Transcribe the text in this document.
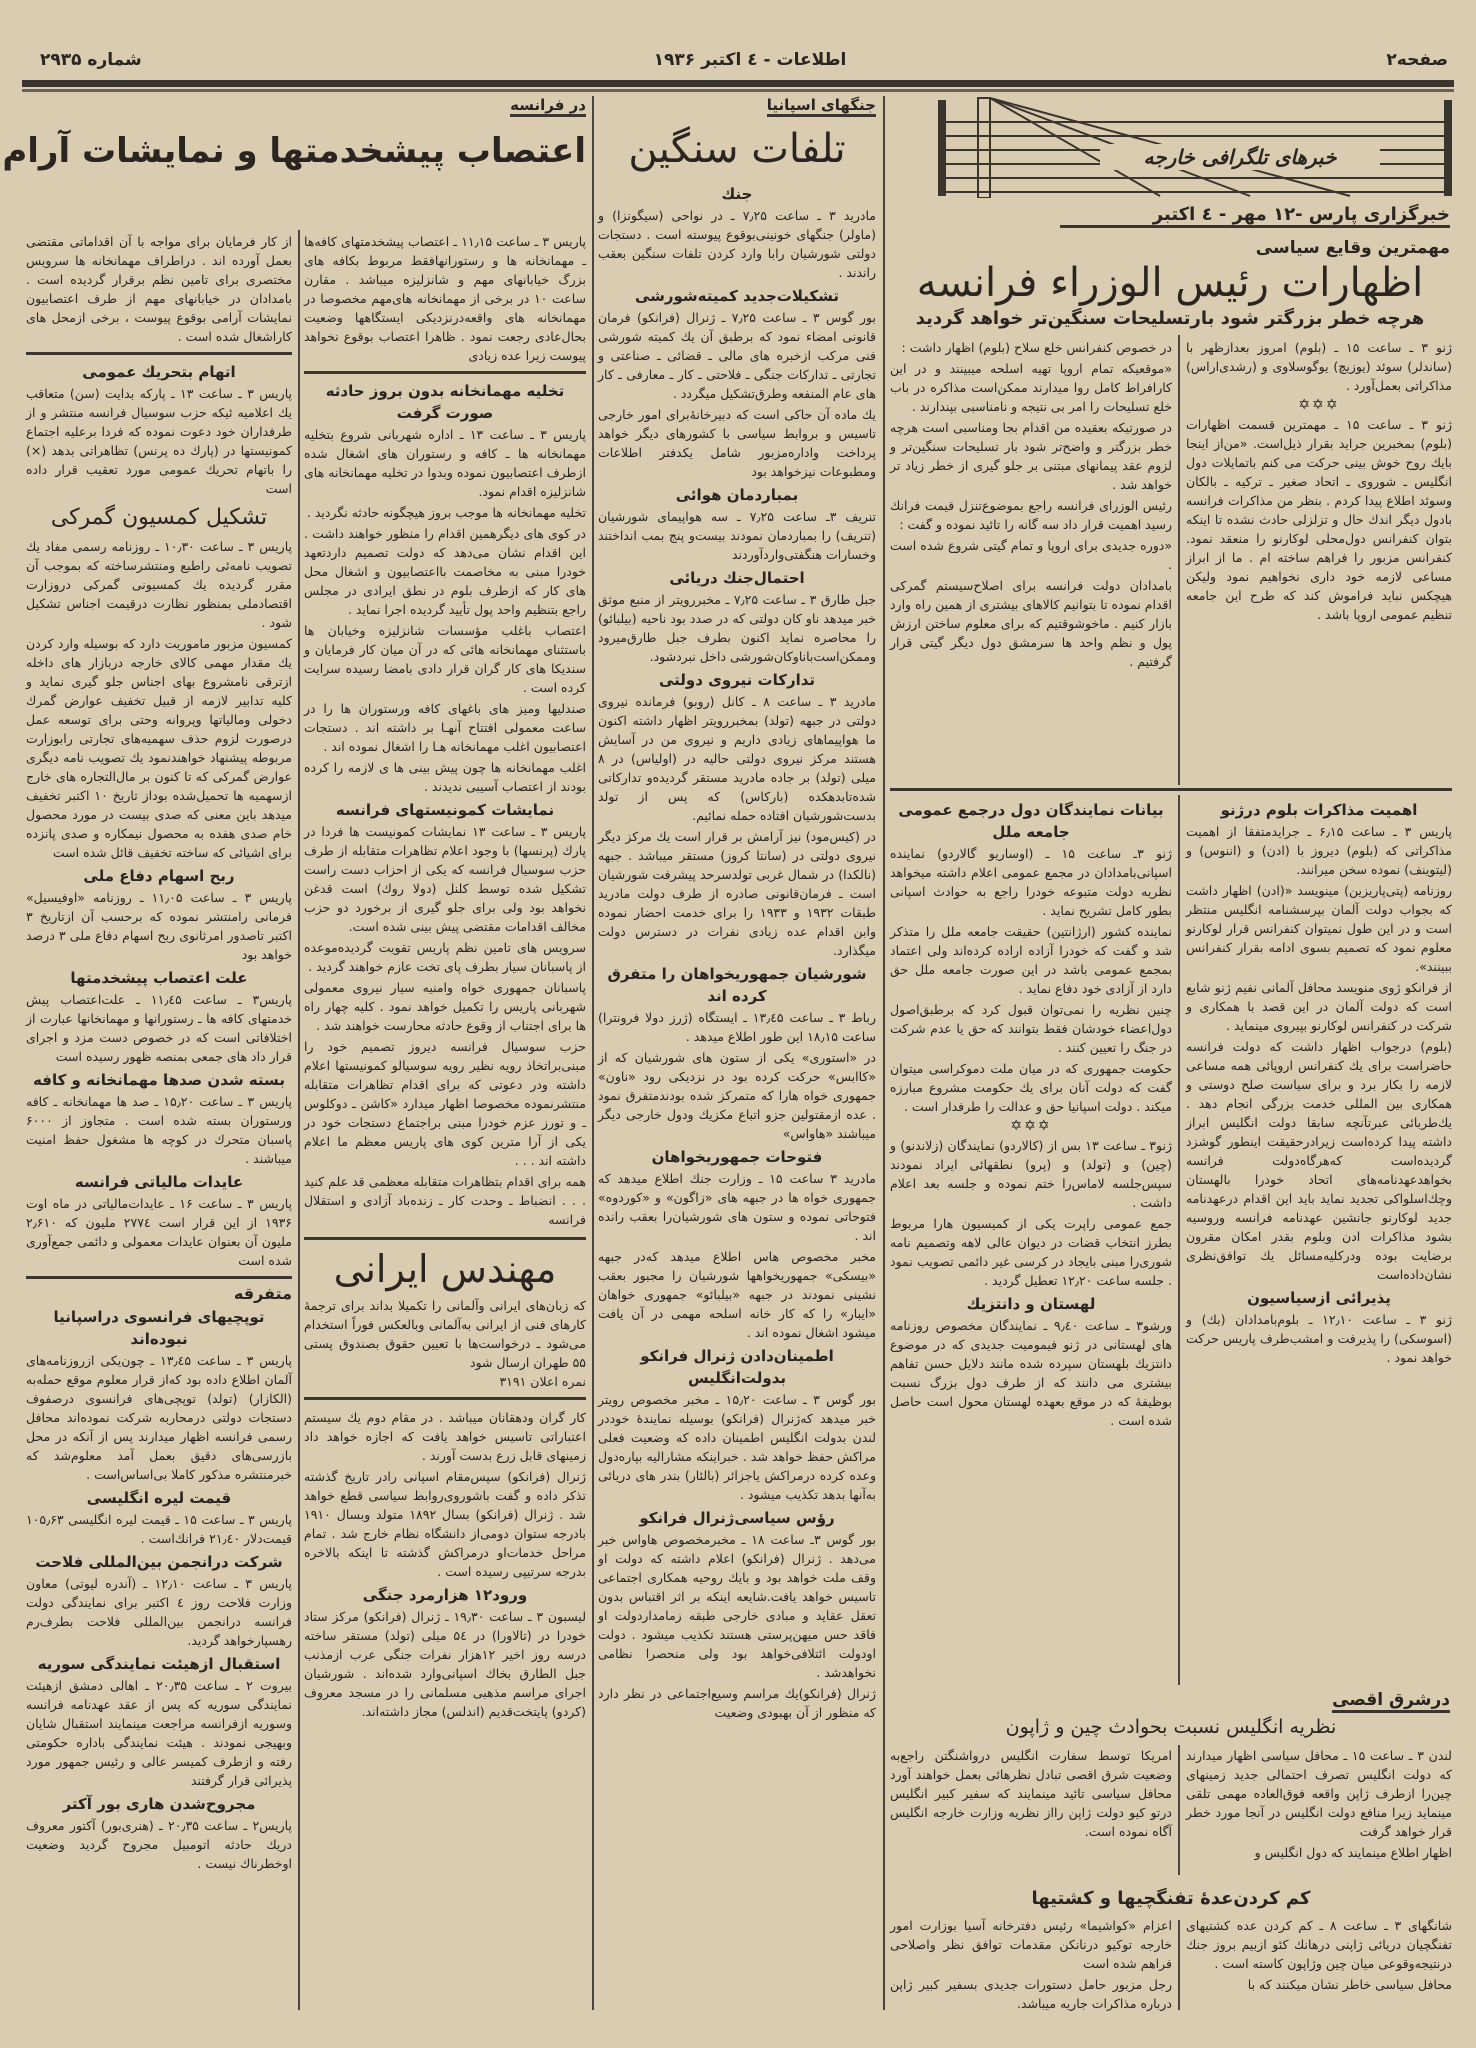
صفحه۲
اطلاعات - ٤ اکتبر ۱۹۳۶
شماره ۲۹۳۵
در فرانسه
اعتصاب پیشخدمتها و نمایشات آرام

از کار فرمایان برای مواجه با آن اقداماتی مقتضی بعمل آورده اند . دراطراف مهمانخانه ها سرویس مختصری برای تامین نظم برقرار گردیده است . بامدادان در خیابانهای مهم از طرف اعتصابیون نمایشات آرامی بوقوع پیوست ، برخی ازمحل های کاراشغال شده است .

اتهام بتحریك عمومی

پاریس ۳ ـ ساعت ۱۳ ـ پارکه بدایت (سن) متعاقب یك اعلامیه ئیکه حزب سوسیال فرانسه منتشر و از طرفداران خود دعوت نموده که فردا برعلیه اجتماع کمونیستها در (پارك ده پرنس) تظاهراتی بدهد (×) را باتهام تحریك عمومی مورد تعقیب قرار داده است

تشکیل کمسیون گمرکی

پاریس ۳ ـ ساعت ۱۰٫۳۰ ـ روزنامه رسمی مفاد یك تصویب نامه‌ئی راطبع ومنتشرساخته که بموجب آن مقرر گردیده یك کمسیونی گمرکی دروزارت اقتصادملی بمنظور نظارت درقیمت اجناس تشکیل شود .

کمسیون مزبور ماموریت دارد که بوسیله وارد کردن یك مقدار مهمی کالای خارجه دربازار های داخله ازترقی نامشروع بهای اجناس جلو گیری نماید و کلیه تدابیر لازمه از قبیل تخفیف عوارض گمرك دخولی ومالیاتها وپروانه وحتی برای توسعه عمل درصورت لزوم حذف سهمیه‌های تجارتی رابوزارت مربوطه پیشنهاد خواهندنمود یك تصویب نامه دیگری عوارض گمرکی که تا کنون بر مال‌التجاره های خارج ازسهمیه ها تحمیل‌شده بوداز تاریخ ۱۰ اکتبر تخفیف میدهد باین معنی که صدی بیست در مورد محصول خام صدی هفده به محصول نیمکاره و صدی پانزده برای اشیائی که ساخته تخفیف قائل شده است

ربح اسهام دفاع ملی

پاریس ۳ ـ ساعت ۱۱٫۰۵ ـ روزنامه «اوفیسیل» فرمانی رامنتشر نموده که برحسب آن ازتاریخ ۳ اکتبر تاصدور امرثانوی ربح اسهام دفاع ملی ۳ درصد خواهد بود

علت اعتصاب پیشخدمتها

پاریس۳ ـ ساعت ۱۱٫٤۵ ـ علت‌اعتصاب پیش خدمتهای کافه ها ـ رستورانها و مهمانخانها عبارت از اختلافاتی است که در خصوص دست مزد و اجرای قرار داد های جمعی بمنصه ظهور رسیده است

بسته شدن صدها مهمانخانه و کافه

پاریس ۳ ـ ساعت ۱۵٫۲۰ ـ صد ها مهمانخانه ـ کافه ورستوران بسته شده است . متجاوز از ۶۰۰۰ پاسبان متحرك در کوچه ها مشغول حفظ امنیت میباشند .

عایدات مالیاتی فرانسه

پاریس ۳ ـ ساعت ۱۶ ـ عایدات‌مالیاتی در ماه اوت ۱۹۳۶ از این قرار است ۲۷۷٤ ملیون که ۲٫۶۱۰ ملیون آن بعنوان عایدات معمولی و دائمی جمع‌آوری شده است

متفرقه
توپچیهای فرانسوی دراسپانیا نبوده‌اند

پاریس ۳ ـ ساعت ۱۳٫٤۵ ـ چون‌یکی ازروزنامه‌های آلمان اطلاع داده بود که‌از قرار معلوم موقع حمله‌به (الکازار) (تولد) توپچی‌های فرانسوی درصفوف دستجات دولتی درمحاربه شرکت نموده‌اند محافل رسمی فرانسه اظهار میدارند پس از آنکه در محل بازرسی‌های دقیق بعمل آمد معلوم‌شد که خبرمنتشره مذکور کاملا بی‌اساس‌است .

قیمت لیره انگلیسی

پاریس ۳ ـ ساعت ۱۵ ـ قیمت لیره انگلیسی ۱۰۵٫۶۳ قیمت‌دلار ۲۱٫٤۰ فرانك‌است .

شرکت درانجمن بین‌المللی فلاحت

پاریس ۳ ـ ساعت ۱۲٫۱۰ ـ (آندره لیوتی) معاون وزارت فلاحت روز ٤ اکتبر برای نمایندگی دولت فرانسه درانجمن بین‌المللی فلاحت بطرف‌رم رهسپارخواهد گردید.

استقبال ازهیئت نمایندگی سوریه

بیروت ۲ ـ ساعت ۲۰٫۳۵ ـ اهالی دمشق ازهیئت نمایندگی سوریه که پس از عقد عهدنامه فرانسه وسوریه ازفرانسه مراجعت مینمایند استقبال شایان وبهیجی نمودند . هیئت نمایندگی باداره حکومتی رفته و ازطرف کمیسر عالی و رئیس جمهور مورد پذیرائی قرار گرفتند

مجروح‌شدن هاری بور آکتر

پاریس۲ ـ ساعت ۲۰٫۳۵ ـ (هنری‌بور) آکتور معروف دریك حادثه اتومبیل مجروح گردید وضعیت اوخطرناك نیست .

پاریس ۳ ـ ساعت ۱۱٫۱۵ ـ اعتصاب پیشخدمتهای کافه‌ها ـ مهمانخانه ها و رستورانهافقط مربوط بکافه های بزرگ خیابانهای مهم و شانزلیزه میباشد . مقارن ساعت ۱۰ در برخی از مهمانخانه های‌مهم مخصوصا در مهمانخانه های واقعه‌درنزدیکی ایستگاهها وضعیت بحال‌عادی رجعت نمود . ظاهرا اعتصاب بوقوع نخواهد پیوست زیرا عده زیادی

تخلیه مهمانخانه بدون بروز حادثه صورت گرفت

پاریس ۳ ـ ساعت ۱۳ ـ اداره شهربانی شروع بتخلیه مهمانخانه ها ـ کافه و رستوران های اشغال شده ازطرف اعتصابیون نموده وبدوا در تخلیه مهمانخانه های شانزلیزه اقدام نمود.

تخلیه مهمانخانه ها موجب بروز هیچگونه حادثه نگردید .

در کوی های دیگرهمین اقدام را منظور خواهند داشت . این اقدام نشان می‌دهد که دولت تصمیم داردتعهد خودرا مبنی به مخاصمت بااعتصابیون و اشغال محل های کار که ازطرف بلوم در نطق ایرادی در مجلس راجع بتنظیم واحد پول تأیید گردیده اجرا نماید .

اعتصاب باغلب مؤسسات شانزلیزه وخیابان ها باستثنای مهمانخانه هائی که در آن میان کار فرمایان و سندیکا های کار گران قرار دادی بامضا رسیده سرایت کرده است .

صندلیها ومیز های باغهای کافه ورستوران ها را در ساعت معمولی افتتاح آنهـا بر داشته اند . دستجات اعتصابیون اغلب مهمانخانه هـا را اشغال نموده اند .

اغلب مهمانخانه ها چون پیش بینی ها ی لازمه را کرده بودند از اعتصاب آسیبی ندیدند .

نمایشات کمونیستهای فرانسه

پاریس ۳ ـ ساعت ۱۳ نمایشات کمونیست ها فردا در پارك (پرنسها) با وجود اعلام تظاهرات متقابله از طرف حزب سوسیال فرانسه که یکی از احزاب دست راست تشکیل شده توسط کلنل (دولا روك) است قدغن نخواهد بود ولی برای جلو گیری از برخورد دو حزب مخالف اقدامات مقتضی پیش بینی شده است.

سرویس های تامین نظم پاریس تقویت گردیده‌موعده از پاسبانان سیار بطرف پای تخت عازم خواهند گردید .

پاسبانان جمهوری خواه وامنیه سیار نیروی معمولی شهربانی پاریس را تکمیل خواهد نمود . کلیه چهار راه ها برای اجتناب از وقوع حادثه محارست خواهند شد .

حزب سوسیال فرانسه دیروز تصمیم خود را مبنی‌براتخاذ رویه نظیر رویه سوسیالو کمونیستها اعلام داشته ودر دعوتی که برای اقدام تظاهرات متقابله منتشرنموده مخصوصا اظهار میدارد «کاشن ـ دوکلوس ـ و تورز عزم خودرا مبنی براجتماع دستجات خود در یکی از آرا مترین کوی های پاریس معظم ما اعلام داشته اند . . .

همه برای اقدام بتظاهرات متقابله معظمی قد علم کنید . . . انضباط ـ وحدت کار ـ زنده‌باد آزادی و استقلال فرانسه

مهندس ایرانی
که زبان‌های ایرانی وآلمانی را تکمیلا بداند برای ترجمهٔ کارهای فنی از ایرانی به‌آلمانی وبالعکس فوراً استخدام می‌شود ـ درخواست‌ها با تعیین حقوق بصندوق پستی ۵۵ طهران ارسال شود
نمره اعلان ۳۱۹۱

کار گران ودهقانان میباشد . در مقام دوم یك سیستم اعتباراتی تاسیس خواهد یافت که اجازه خواهد داد زمینهای قابل زرع بدست آورند .

ژنرال (فرانکو) سپس‌مقام اسپانی رادر تاریخ گذشته تذکر داده و گفت باشوروی‌روابط سیاسی قطع خواهد شد . ژنرال (فرانکو) بسال ۱۸۹۲ متولد وبسال ۱۹۱۰ بادرجه ستوان دومی‌از دانشگاه نظام خارج شد . تمام مراحل خدمات‌او درمراکش گذشته تا اینکه بالاخره بدرجه سرتیپی رسیده است .

ورود۱۲ هزارمرد جنگی

لیسبون ۳ ـ ساعت ۱۹٫۳۰ ـ ژنرال (فرانکو) مرکز ستاد خودرا در (تالاورا) در ۵٤ میلی (تولد) مستقر ساخته درسه روز اخیر ۱۲هزار نفرات جنگی عرب ازمذنب جبل الطارق بخاك اسپانی‌وارد شده‌اند . شورشیان اجرای مراسم مذهبی مسلمانی را در مسجد معروف (کردو) پایتخت‌قدیم (اندلس) مجاز داشته‌اند.

جنگهای اسپانیا
تلفات سنگین
جنك

مادرید ۳ ـ ساعت ۷٫۲۵ ـ در نواحی (سیگونزا) و (ماولر) جنگهای خونینی‌بوقوع پیوسته است . دستجات دولتی شورشیان رابا وارد کردن تلفات سنگین بعقب راندند .

تشکیلات‌جدید کمیته‌شورشی

بور گوس ۳ ـ ساعت ۷٫۲۵ ـ ژنرال (فرانکو) فرمان قانونی امضاء نمود که برطبق آن یك کمیته شورشی فنی مرکب ازخبره های مالی ـ قضائی ـ صناعتی و تجارتی ـ تدارکات جنگی ـ فلاحتی ـ کار ـ معارفی ـ کار های عام المنفعه وطرق‌تشکیل میگردد .

یك ماده آن حاکی است که دبیرخانهٔ‌برای امور خارجی تاسیس و بروابط سیاسی با کشورهای دیگر خواهد پرداخت واداره‌مزبور شامل یکدفتر اطلاعات ومطبوعات نیزخواهد بود

بمباردمان هوائی

تنریف ۳ـ ساعت ۷٫۲۵ ـ سه هواپیمای شورشیان (تنریف) را بمباردمان نمودند بیست‌و پنج بمب انداختند وخسارات هنگفتی‌وارد‌آوردند

احتمال‌جنك دریائی

جبل طارق ۳ ـ ساعت ۷٫۲۵ ـ مخبررویتر از منبع موثق خبر میدهد ناو کان دولتی که در صدد بود ناحیه (بیلبائو) را محاصره نماید اکنون بطرف جبل طارق‌میرود وممکن‌است‌باناو‌کان‌شورشی داخل نبردشود.

تدارکات نیروی دولتی

مادرید ۳ ـ ساعت ۸ ـ کانل (روبو) فرمانده نیروی دولتی در جبهه (تولد) بمخبررویتر اظهار داشته اکنون ما هواپیماهای زیادی داریم و نیروی من در آسایش هستند مرکز نیروی دولتی حالیه در (اولیاس) در ۸ میلی (تولد) بر جاده مادرید مستقر گردیده‌و تدارکاتی شده‌تابدهکده (بارکاس) که پس از تولد بدست‌شورشیان افتاده حمله نمائیم.

در (کیس‌مود) نیز آرامش بر قرار است یك مرکز دیگر نیروی دولتی در (سانتا کروز) مستقر میباشد . جبهه (نالکدا) در شمال غربی تولدسرحد پیشرفت شورشیان است ـ فرمان‌قانونی صادره از طرف دولت مادرید طبقات ۱۹۳۲ و ۱۹۳۳ را برای خدمت احضار نموده وابن اقدام عده زیادی نفرات در دسترس دولت میگذارد.

شورشیان جمهوریخواهان را متفرق کرده اند

رباط ۳ ـ ساعت ۱۳٫٤۵ ـ ایستگاه (ژرز دولا فرونترا) ساعت ۱۸٫۱۵ این طور اطلاع میدهد .

در «استوری» یکی از ستون های شورشیان که از «کاابس» حرکت کرده بود در نزدیکی رود «ناون» جمهوری خواه هارا که متمرکز شده بودند‌متفرق نمود . عده ازمقتولین جزو اتباع مکزیك ودول خارجی دیگر میباشند «هاواس»

فتوحات جمهوریخواهان

مادرید ۳ ساعت ۱۵ ـ وزارت جنك اطلاع میدهد که جمهوری خواه ها در جبهه های «زاگون» و «کوردوه» فتوحاتی نموده و ستون های شورشیان‌را بعقب رانده اند .

مخبر مخصوص هاس اطلاع میدهد که‌در جبهه «بیسکی» جمهوریخواهها شورشیان را مجبور بعقب نشینی نمودند در جبهه «بیلبائو» جمهوری خواهان «ایبار» را که کار خانه اسلحه مهمی در آن یافت میشود اشغال نموده اند .

اطمینان‌دادن ژنرال فرانکو بدولت‌انگلیس

بور گوس ۳ ـ ساعت ۱۵٫۲۰ ـ مخبر مخصوص رویتر خبر میدهد که‌ژنرال (فرانکو) بوسیله نمایندهٔ خوددر لندن بدولت انگلیس اطمینان داده که وضعیت فعلی مراکش حفظ خواهد شد . خبراینکه مشارالیه بپاره‌دول وعده کرده درمراکش یاجزائر (بالئار) بندر های دریائی به‌آنها بدهد تکذیب میشود .

رؤس سیاسی‌ژنرال فرانکو

بور گوس ۳ـ ساعت ۱۸ ـ مخبرمخصوص هاواس خبر می‌دهد . ژنرال (فرانکو) اعلام داشته که دولت او وقف ملت خواهد بود و بایك روحیه همکاری اجتماعی تاسیس خواهد یافت.شایعه اینکه بر اثر اقتباس بدون تعقل عقاید و مبادی خارجی طبقه زمامداردولت او فاقد حس میهن‌پرستی هستند تکذیب میشود . دولت اودولت ائتلافی‌خواهد بود ولی منحصرا نظامی نخواهدشد .

ژنرال (فرانکو)یك مراسم وسیع‌اجتماعی در نظر دارد که منظور از آن بهبودی وضعیت

خبرهای تلگرافی خارجه
خبرگزاری پارس -۱۲ مهر - ٤ اکتبر
مهمترین وقایع سیاسی
اظهارات رئیس الوزراء فرانسه
هرچه خطر بزرگتر شود بارتسلیحات سنگین‌تر خواهد گردید

ژنو ۳ ـ ساعت ۱۵ ـ (بلوم) امروز بعدازظهر با (ساندلر) سوئد (یوزیچ) یوگوسلاوی و (رشدی‌اراس) مذاکراتی بعمل‌آورد .

✡✡✡

ژنو ۳ ـ ساعت ۱۵ ـ مهمترین قسمت اظهارات (بلوم) بمخبرین جراید بقرار ذیل‌است. «من‌از اینجا بایك روح خوش بینی حرکت می کنم باتمایلات دول انگلیس ـ شوروی ـ اتحاد صغیر ـ ترکیه ـ بالکان وسوئد اطلاع پیدا کردم . بنظر من مذاکرات فرانسه بادول دیگر اندك حال و تزلزلی حادث نشده تا اینکه بتوان کنفرانس دول‌محلی لوکارنو را منعقد نمود. کنفرانس مزبور را فراهم ساخته ام . ما از ابراز مساعی لازمه خود داری نخواهیم نمود ولیکن هیچکس نباید فراموش کند که طرح این جامعه تنظیم عمومی اروپا باشد .

در خصوص کنفرانس خلع سلاح (بلوم) اظهار داشت :

«موقعیکه تمام اروپا تهیه اسلحه میبینند و در این کارافراط کامل روا میدارند ممکن‌است مذاکره در باب خلع تسلیحات را امر بی نتیجه و نامناسبی بپندارند .

در صورتیکه بعقیده من اقدام بجا ومناسبی است هرچه خطر بزرگتر و واضح‌تر شود بار تسلیحات سنگین‌تر و لزوم عقد پیمانهای مبتنی بر جلو گیری از خطر زیاد تر خواهد شد .

رئیس الوزرای فرانسه راجع بموضوع‌تنزل قیمت فرانك رسید اهمیت قرار داد سه گانه را تائید نموده و گفت :

«دوره جدیدی برای اروپا و تمام گیتی شروع شده است .

بامدادان دولت فرانسه برای اصلاح‌سیستم گمرکی اقدام نموده تا بتوانیم کالاهای بیشتری از همین راه وارد بازار کنیم . ماخوشوقتیم که برای معلوم ساختن ارزش پول و نظم واحد ها سرمشق دول دیگر گیتی قرار گرفتیم .

اهمیت مذاکرات بلوم درژنو

پاریس ۳ ـ ساعت ۶٫۱۵ ـ جرایدمتفقا از اهمیت مذاکراتی که (بلوم) دیروز با (ادن) و (اننوس) و (لیتوینف) نموده سخن میرانند.

روزنامه (پتی‌پاریزین) مینویسد «(ادن) اظهار داشت که بجواب دولت آلمان بپرسشنامه انگلیس منتظر است و در این طول نمیتوان کنفرانس قرار لوکارنو معلوم نمود که تصمیم بسوی ادامه بقرار کنفرانس ببینند».

از فرانکو ژوی منویسد محافل آلمانی نفیم ژنو شایع است که دولت آلمان در این قصد با همکاری و شرکت در کنفرانس لوکارنو بپیروی مینماید .

(بلوم) درجواب اظهار داشت که دولت فرانسه حاضراست برای یك کنفرانس اروپائی همه مساعی لازمه را بکار برد و برای سیاست صلح دوستی و همکاری بین المللی خدمت بزرگی انجام دهد . یك‌طربائی عبرتآنچه سابقا دولت انگلیس ابراز داشته پیدا کرده‌است زیرادرحقیقت اینطور گوشزد گردیده‌است که‌هرگاه‌دولت فرانسه بخواهدعهدنامه‌های اتحاد خودرا بالهستان وچك‌اسلواکی تجدید نماید باید این اقدام درعهدنامه جدید لوکارنو جانشین عهدنامه فرانسه وروسیه بشود مذاکرات ادن وبلوم بقدر امکان مقرون برضایت بوده ودرکلیه‌مسائل یك توافق‌نظری نشان‌داده‌است

پذیرائی ازسیاسیون

ژنو ۳ ـ ساعت ۱۲٫۱۰ ـ بلوم‌بامدادان (بك) و (اسوسکی) را پذیرفت و امشب‌طرف پاریس حرکت خواهد نمود .

بیانات نمایندگان دول درجمع عمومی جامعه ملل

ژنو ۳ـ ساعت ۱۵ ـ (اوساریو گالاردو) نماینده اسپانی‌بامدادان در مجمع عمومی اعلام داشته میخواهد نظریه دولت متبوعه خودرا راجع به حوادث اسپانی بطور کامل تشریح نماید .

نماینده کشور (ارژانتین) حقیقت جامعه ملل را متذکر شد و گفت که خودرا آزاده اراده کرده‌اند ولی اعتماد بمجمع عمومی باشد در این صورت جامعه ملل حق دارد از آزادی خود دفاع نماید .

چنین نظریه را نمی‌توان قبول کرد که برطبق‌اصول دول‌اعضاء خودشان فقط بتوانند که حق یا عدم شرکت در جنگ را تعیین کنند .

حکومت جمهوری که در میان ملت دموکراسی میتوان گفت که دولت آنان برای یك حکومت مشروع مبارزه میکند . دولت اسپانیا حق و عدالت را طرفدار است .

✡✡✡

ژنو۳ ـ ساعت ۱۳ بس از (کالاردو) نمایندگان (زلاندنو) و (چین) و (تولد) و (پرو) نطقهائی ایراد نمودند سپس‌جلسه لاماس‌را ختم نموده و جلسه بعد اعلام داشت .

جمع عمومی راپرت یکی از کمیسیون هارا مربوط بطرز انتخاب قضات در دیوان عالی لاهه وتصمیم نامه شوری‌را مبنی بایجاد در کرسی غیر دائمی تصویب نمود . جلسه ساعت ۱۲٫۲۰ تعطیل گردید .

لهستان و دانتزیك

ورشو۳ ـ ساعت ۹٫٤۰ ـ نمایندگان مخصوص روزنامه های لهستانی در ژنو فیمومیت جدیدی که در موضوع دانتزیك بلهستان سپرده شده مانند دلایل حسن تفاهم بیشتری می دانند که از طرف دول بزرگ نسبت بوظیفهٔ که در موقع بعهده لهستان محول است حاصل شده است .

درشرق اقصی
نظریه انگلیس نسبت بحوادث چین و ژاپون

لندن ۳ ـ ساعت ۱۵ ـ محافل سیاسی اظهار میدارند که دولت انگلیس تصرف احتمالی جدید زمینهای چین‌را ازطرف ژاپن واقعه فوق‌العاده مهمی تلقی مینماید زیرا منافع دولت انگلیس در آنجا مورد خطر قرار خواهد گرفت

اظهار اطلاع مینمایند که دول انگلیس و

امریکا توسط سفارت انگلیس درواشنگتن راجع‌به وضعیت شرق اقصی تبادل نظرهائی بعمل خواهند آورد محافل سیاسی تائید مینمایند که سفیر کبیر انگلیس درتو کیو دولت ژاپن رااز نظریه وزارت خارجه انگلیس آگاه نموده است.

کم کردن‌عدهٔ تفنگچیها و کشتیها

شانگهای ۳ ـ ساعت ۸ ـ کم کردن عده کشتیهای تفنگچیان دریائی ژاپنی درهانك کئو ازبیم بروز جنك درنتیجه‌وقوعی میان چین وژاپون کاسته است .

محافل سیاسی خاطر نشان میکنند که با

اعزام «کواشیما» رئیس دفترخانه آسیا بوزارت امور خارجه توکیو درنانکن مقدمات توافق نظر واصلاحی فراهم شده است

رجل مزبور حامل دستورات جدیدی بسفیر کبیر ژاپن درباره مذاکرات جاریه میباشد.
